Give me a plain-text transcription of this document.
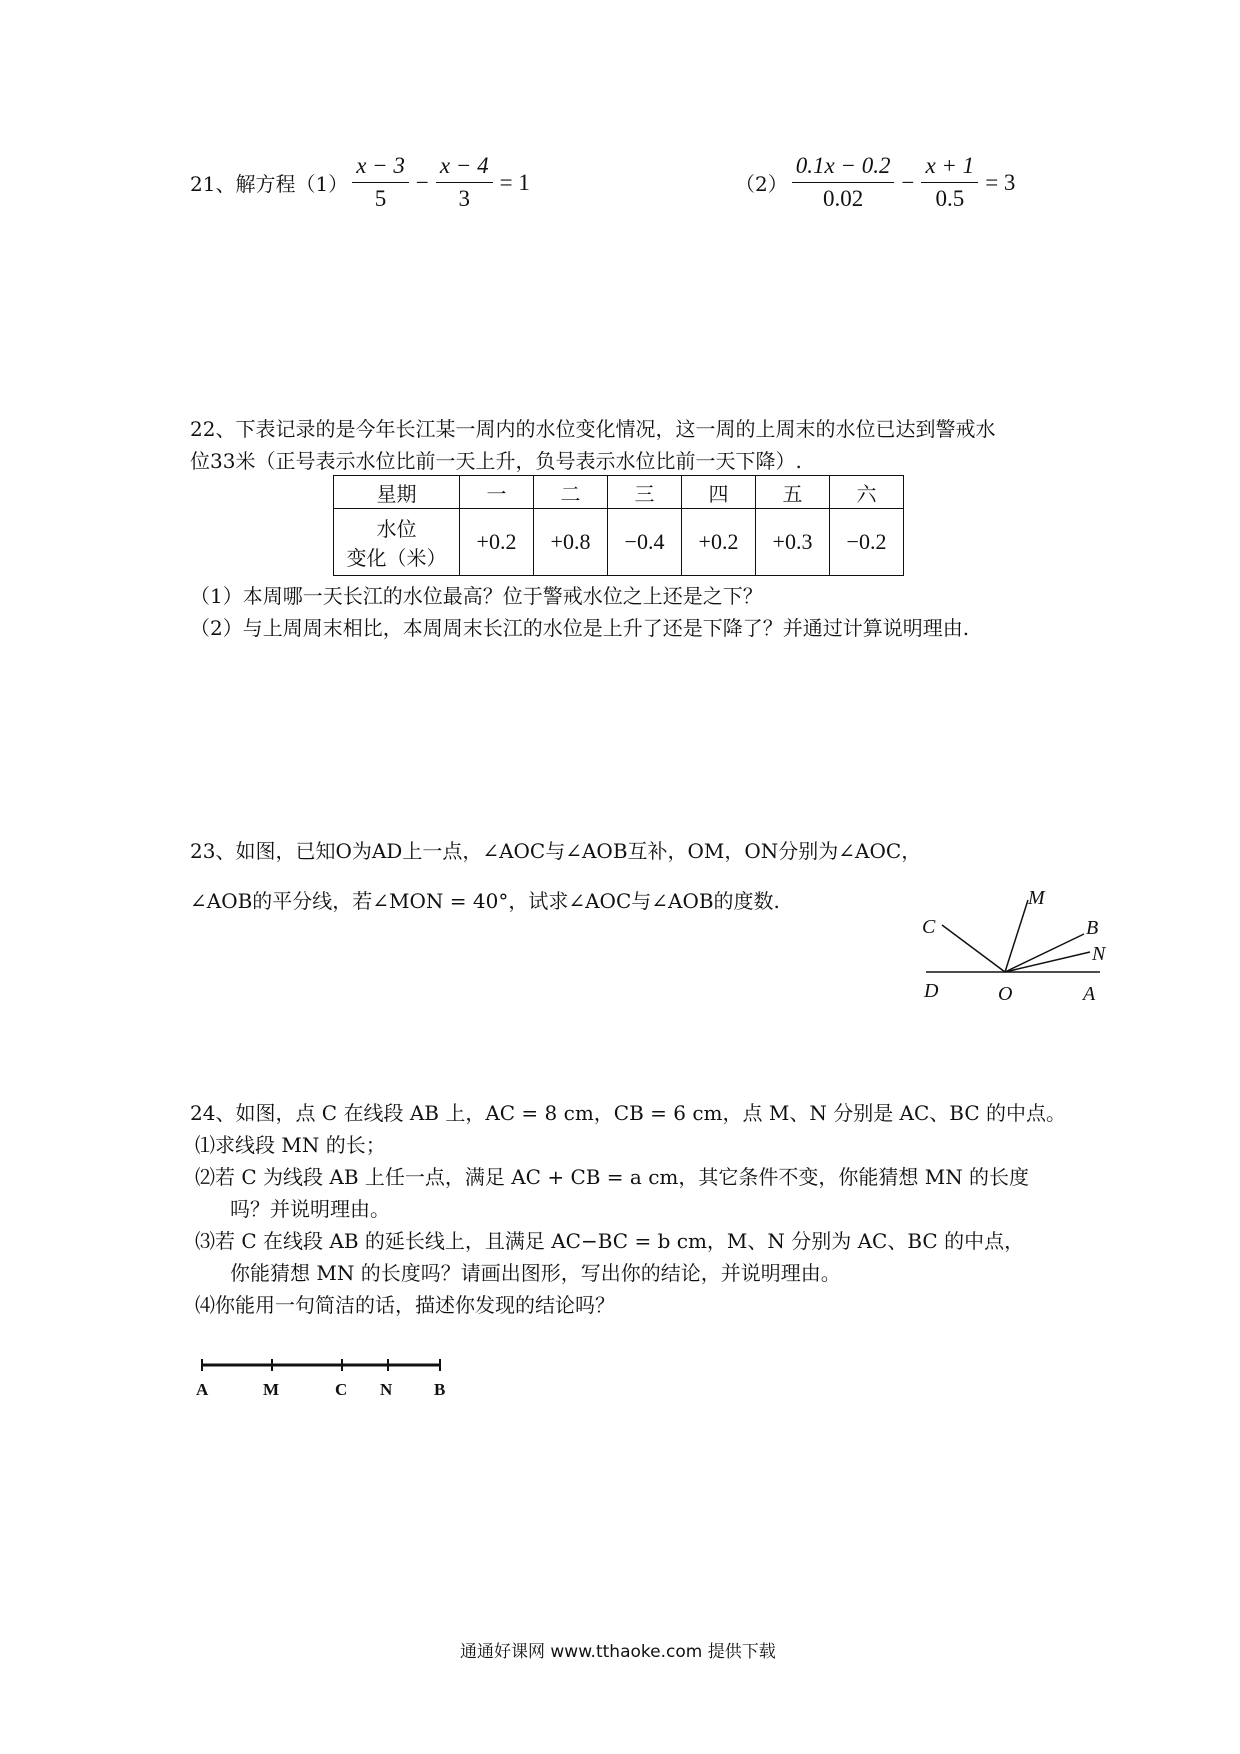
21、解方程$(1) \frac{x - 3}{5} - \frac{x - 4}{3} = 1$	$(2) \frac{0.1x - 0.2}{0.02} - \frac{x + 1}{0.5} = 3$
22、下表记录的是今年长江某一周内的水位变化情况，这一周的上周末的水位已达到警戒水
位33米（正号表示水位比前一天上升，负号表示水位比前一天下降）.
星期	一	二	三	四	五	六

水位
变化（米）	+0.2	+0.8	−0.4	+0.2	+0.3	−0.2
（1）本周哪一天长江的水位最高？位于警戒水位之上还是之下？
（2）与上周周末相比，本周周末长江的水位是上升了还是下降了？并通过计算说明理由.
23、如图，已知O为AD上一点，∠AOC与∠AOB互补，OM，ON分别为∠AOC，
∠AOB的平分线，若∠MON = 40°，试求∠AOC与∠AOB的度数.	M
C	B
N
D	O	A
24、如图，点 C 在线段 AB 上，AC = 8 cm，CB = 6 cm，点 M、N 分别是 AC、BC 的中点。
⑴求线段 MN 的长；
⑵若 C 为线段 AB 上任一点，满足 AC + CB = a cm，其它条件不变，你能猜想 MN 的长度
吗？并说明理由。
⑶若 C 在线段 AB 的延长线上，且满足 AC−BC = b cm，M、N 分别为 AC、BC 的中点，
你能猜想 MN 的长度吗？请画出图形，写出你的结论，并说明理由。
⑷你能用一句简洁的话，描述你发现的结论吗？
A	M	C N B
通通好课网 www.tthaoke.com 提供下载
